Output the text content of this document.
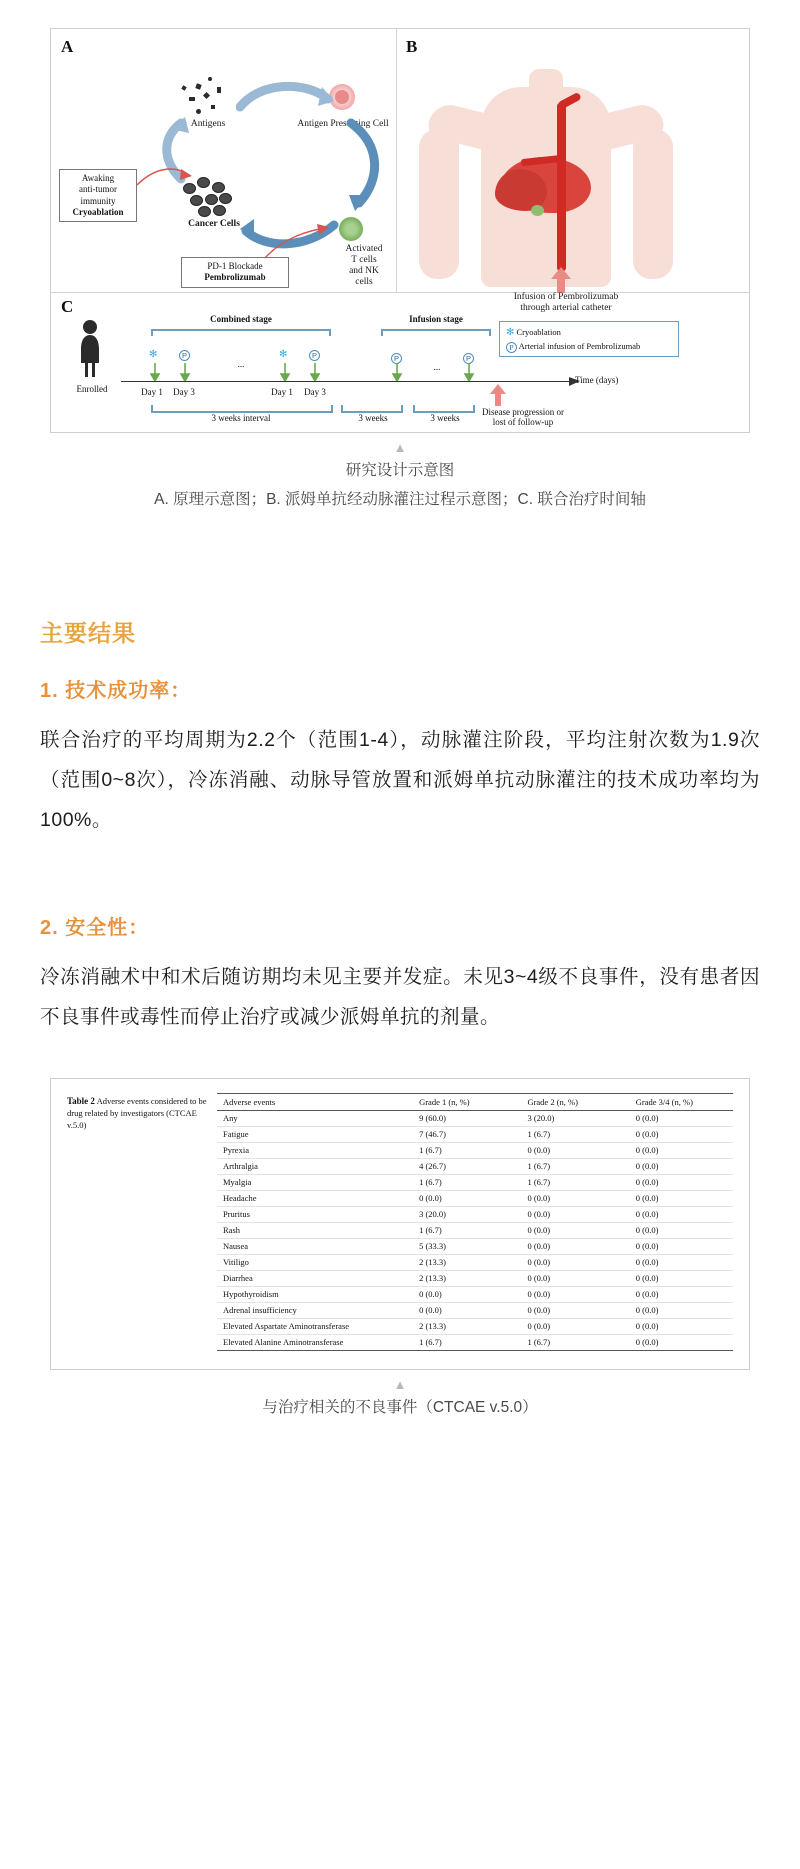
A	B
C
Antigens	Antigen Presenting Cell
Activated
T cells
and NK
cells
Cancer Cells
Awaking
anti-tumor
immunity
Cryoablation
PD-1 Blockade
Pembrolizumab
Infusion of Pembrolizumab
through arterial catheter
Enrolled
Combined stage	Infusion stage
✻ Cryoablation
P Arterial infusion of Pembrolizumab
✻	P	✻	P
...
P	P
...
Time (days)
Day 1	Day 3	Day 1	Day 3
3 weeks interval	3 weeks	3 weeks
Disease progression or
lost of follow-up
▲
研究设计示意图
A. 原理示意图；B. 派姆单抗经动脉灌注过程示意图；C. 联合治疗时间轴
主要结果
1. 技术成功率：

联合治疗的平均周期为2.2个（范围1-4），动脉灌注阶段，平均注射次数为1.9次（范围0~8次），冷冻消融、动脉导管放置和派姆单抗动脉灌注的技术成功率均为100%。

2. 安全性：

冷冻消融术中和术后随访期均未见主要并发症。未见3~4级不良事件，没有患者因不良事件或毒性而停止治疗或减少派姆单抗的剂量。

Table 2 Adverse events considered to be drug related by investigators (CTCAE v.5.0)
Adverse events	Grade 1 (n, %)	Grade 2 (n, %)	Grade 3/4 (n, %)
Any	9 (60.0)	3 (20.0)	0 (0.0)
Fatigue	7 (46.7)	1 (6.7)	0 (0.0)
Pyrexia	1 (6.7)	0 (0.0)	0 (0.0)
Arthralgia	4 (26.7)	1 (6.7)	0 (0.0)
Myalgia	1 (6.7)	1 (6.7)	0 (0.0)
Headache	0 (0.0)	0 (0.0)	0 (0.0)
Pruritus	3 (20.0)	0 (0.0)	0 (0.0)
Rash	1 (6.7)	0 (0.0)	0 (0.0)
Nausea	5 (33.3)	0 (0.0)	0 (0.0)
Vitiligo	2 (13.3)	0 (0.0)	0 (0.0)
Diarrhea	2 (13.3)	0 (0.0)	0 (0.0)
Hypothyroidism	0 (0.0)	0 (0.0)	0 (0.0)
Adrenal insufficiency	0 (0.0)	0 (0.0)	0 (0.0)
Elevated Aspartate Aminotransferase	2 (13.3)	0 (0.0)	0 (0.0)
Elevated Alanine Aminotransferase	1 (6.7)	1 (6.7)	0 (0.0)
▲
与治疗相关的不良事件（CTCAE v.5.0）
